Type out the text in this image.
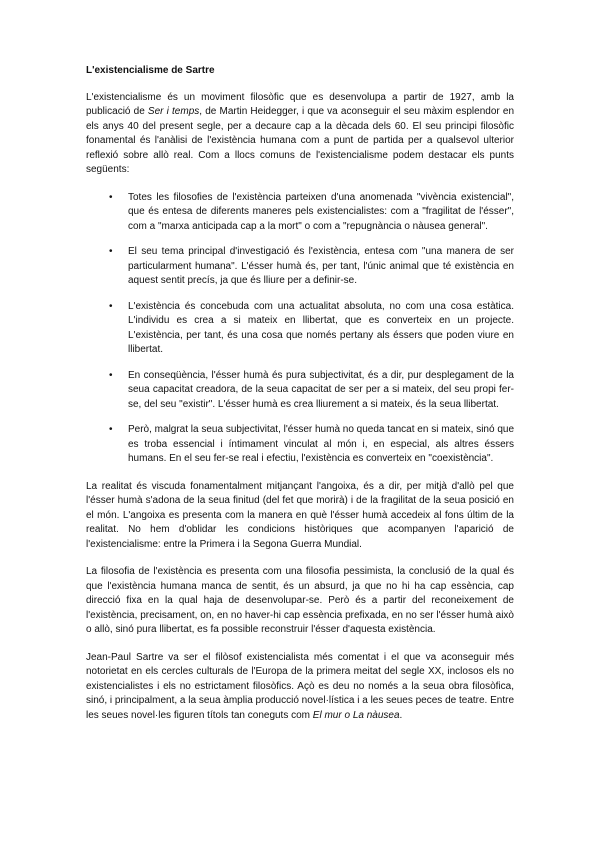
L'existencialisme de Sartre

L'existencialisme és un moviment filosòfic que es desenvolupa a partir de 1927, amb la publicació de Ser i temps, de Martin Heidegger, i que va aconseguir el seu màxim esplendor en els anys 40 del present segle, per a decaure cap a la dècada dels 60. El seu principi filosòfic fonamental és l'anàlisi de l'existència humana com a punt de partida per a qualsevol ulterior reflexió sobre allò real. Com a llocs comuns de l'existencialisme podem destacar els punts següents:

• Totes les filosofies de l'existència parteixen d'una anomenada "vivència existencial", que és entesa de diferents maneres pels existencialistes: com a "fragilitat de l'ésser", com a "marxa anticipada cap a la mort" o com a "repugnància o nàusea general".
• El seu tema principal d'investigació és l'existència, entesa com "una manera de ser particularment humana". L'ésser humà és, per tant, l'únic animal que té existència en aquest sentit precís, ja que és lliure per a definir-se.
• L'existència és concebuda com una actualitat absoluta, no com una cosa estàtica. L'individu es crea a si mateix en llibertat, que es converteix en un projecte. L'existència, per tant, és una cosa que només pertany als éssers que poden viure en llibertat.
• En conseqüència, l'ésser humà és pura subjectivitat, és a dir, pur desplegament de la seua capacitat creadora, de la seua capacitat de ser per a si mateix, del seu propi fer-se, del seu "existir". L'ésser humà es crea lliurement a si mateix, és la seua llibertat.
• Però, malgrat la seua subjectivitat, l'ésser humà no queda tancat en si mateix, sinó que es troba essencial i íntimament vinculat al món i, en especial, als altres éssers humans. En el seu fer-se real i efectiu, l'existència es converteix en "coexistència".

La realitat és viscuda fonamentalment mitjançant l'angoixa, és a dir, per mitjà d'allò pel que l'ésser humà s'adona de la seua finitud (del fet que morirà) i de la fragilitat de la seua posició en el món. L'angoixa es presenta com la manera en què l'ésser humà accedeix al fons últim de la realitat. No hem d'oblidar les condicions històriques que acompanyen l'aparició de l'existencialisme: entre la Primera i la Segona Guerra Mundial.

La filosofia de l'existència es presenta com una filosofia pessimista, la conclusió de la qual és que l'existència humana manca de sentit, és un absurd, ja que no hi ha cap essència, cap direcció fixa en la qual haja de desenvolupar-se. Però és a partir del reconeixement de l'existència, precisament, on, en no haver-hi cap essència prefixada, en no ser l'ésser humà això o allò, sinó pura llibertat, es fa possible reconstruir l'ésser d'aquesta existència.

Jean-Paul Sartre va ser el filòsof existencialista més comentat i el que va aconseguir més notorietat en els cercles culturals de l'Europa de la primera meitat del segle XX, inclosos els no existencialistes i els no estrictament filosòfics. Açò es deu no només a la seua obra filosòfica, sinó, i principalment, a la seua àmplia producció novel·lística i a les seues peces de teatre. Entre les seues novel·les figuren títols tan coneguts com El mur o La nàusea.
